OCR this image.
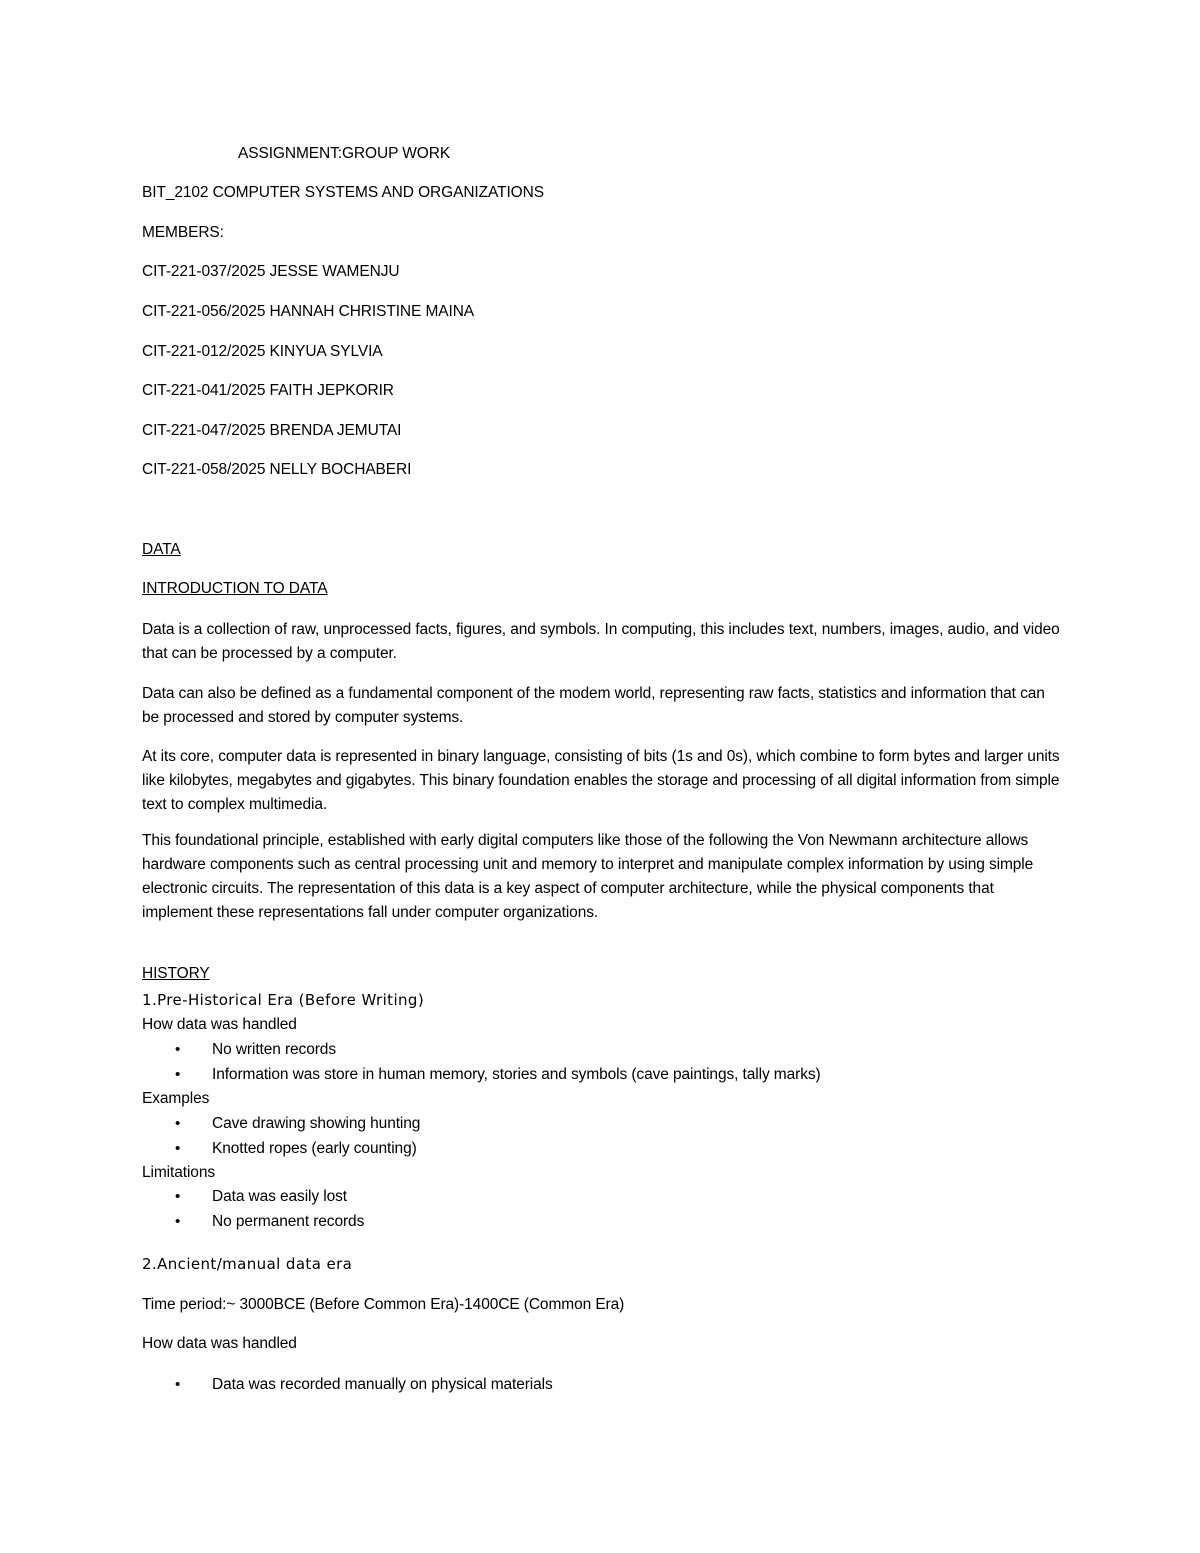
ASSIGNMENT:GROUP WORK
BIT_2102 COMPUTER SYSTEMS AND ORGANIZATIONS
MEMBERS:
CIT-221-037/2025 JESSE WAMENJU
CIT-221-056/2025 HANNAH CHRISTINE MAINA
CIT-221-012/2025 KINYUA SYLVIA
CIT-221-041/2025 FAITH JEPKORIR
CIT-221-047/2025 BRENDA JEMUTAI
CIT-221-058/2025 NELLY BOCHABERI
DATA
INTRODUCTION TO DATA
Data is a collection of raw, unprocessed facts, figures, and symbols. In computing, this includes text, numbers, images, audio, and video that can be processed by a computer.
Data can also be defined as a fundamental component of the modem world, representing raw facts, statistics and information that can be processed and stored by computer systems.
At its core, computer data is represented in binary language, consisting of bits (1s and 0s), which combine to form bytes and larger units like kilobytes, megabytes and gigabytes. This binary foundation enables the storage and processing of all digital information from simple text to complex multimedia.
This foundational principle, established with early digital computers like those of the following the Von Newmann architecture allows hardware components such as central processing unit and memory to interpret and manipulate complex information by using simple electronic circuits. The representation of this data is a key aspect of computer architecture, while the physical components that implement these representations fall under computer organizations.
HISTORY
1.Pre-Historical Era (Before Writing)
How data was handled
• No written records
• Information was store in human memory, stories and symbols (cave paintings, tally marks)
Examples
• Cave drawing showing hunting
• Knotted ropes (early counting)
Limitations
• Data was easily lost
• No permanent records
2.Ancient/manual data era
Time period:~ 3000BCE (Before Common Era)-1400CE (Common Era)
How data was handled
• Data was recorded manually on physical materials
